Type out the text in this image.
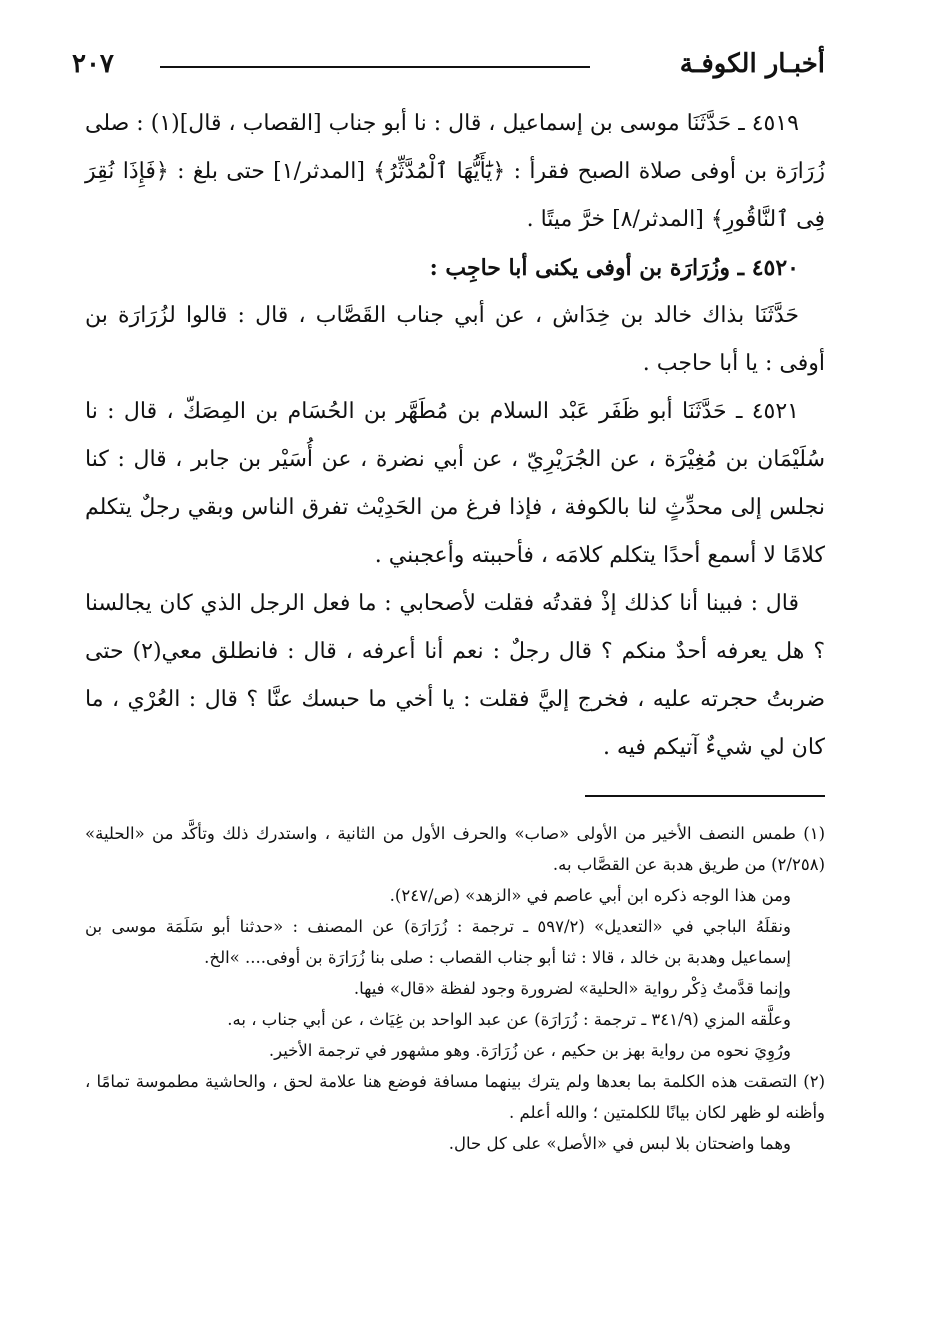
أخبـار الكوفـة
٢٠٧

٤٥١٩ ـ حَدَّثَنَا موسى بن إسماعيل ، قال : نا أبو جناب [القصاب ، قال](١) : صلى زُرَارَة بن أوفى صلاة الصبح فقرأ : ﴿يَٰٓأَيُّهَا ٱلْمُدَّثِّرُ﴾ [المدثر/١] حتى بلغ : ﴿فَإِذَا نُقِرَ فِى ٱلنَّاقُورِ﴾ [المدثر/٨] خرَّ ميتًا .

٤٥٢٠ ـ وزُرَارَة بن أوفى يكنى أبا حاجِب :

حَدَّثَنَا بذاك خالد بن خِدَاش ، عن أبي جناب القَصَّاب ، قال : قالوا لزُرَارَة بن أوفى : يا أبا حاجب .

٤٥٢١ ـ حَدَّثَنَا أبو ظَفَر عَبْد السلام بن مُطَهَّر بن الحُسَام بن المِصَكّ ، قال : نا سُلَيْمَان بن مُغِيْرَة ، عن الجُرَيْرِيّ ، عن أبي نضرة ، عن أُسَيْر بن جابر ، قال : كنا نجلس إلى محدِّثٍ لنا بالكوفة ، فإذا فرغ من الحَدِيْث تفرق الناس وبقي رجلٌ يتكلم كلامًا لا أسمع أحدًا يتكلم كلامَه ، فأحببته وأعجبني .

قال : فبينا أنا كذلك إذْ فقدتُه فقلت لأصحابي : ما فعل الرجل الذي كان يجالسنا ؟ هل يعرفه أحدٌ منكم ؟ قال رجلٌ : نعم أنا أعرفه ، قال : فانطلق معي(٢) حتى ضربتُ حجرته عليه ، فخرج إليَّ فقلت : يا أخي ما حبسك عنَّا ؟ قال : العُرْي ، ما كان لي شيءٌ آتيكم فيه .

(١) طمس النصف الأخير من الأولى «صاب» والحرف الأول من الثانية ، واستدرك ذلك وتأكَّد من «الحلية» (٢/٢٥٨) من طريق هدبة عن القصَّاب به.

ومن هذا الوجه ذكره ابن أبي عاصم في «الزهد» (ص/٢٤٧).

ونقلَهُ الباجي في «التعديل» (٥٩٧/٢ ـ ترجمة : زُرَارَة) عن المصنف : «حدثنا أبو سَلَمَة موسى بن إسماعيل وهدبة بن خالد ، قالا : ثنا أبو جناب القصاب : صلى بنا زُرَارَة بن أوفى.... »الخ.

وإنما قدَّمتُ ذِكْر رواية «الحلية» لضرورة وجود لفظة «قال» فيها.

وعلَّقه المزي (٣٤١/٩ ـ ترجمة : زُرَارَة) عن عبد الواحد بن غِيَاث ، عن أبي جناب ، به.

ورُوِيَ نحوه من رواية بهز بن حكيم ، عن زُرَارَة. وهو مشهور في ترجمة الأخير.

(٢) التصقت هذه الكلمة بما بعدها ولم يترك بينهما مسافة فوضع هنا علامة لحق ، والحاشية مطموسة تمامًا ، وأظنه لو ظهر لكان بيانًا للكلمتين ؛ والله أعلم .

وهما واضحتان بلا لبس في «الأصل» على كل حال.
